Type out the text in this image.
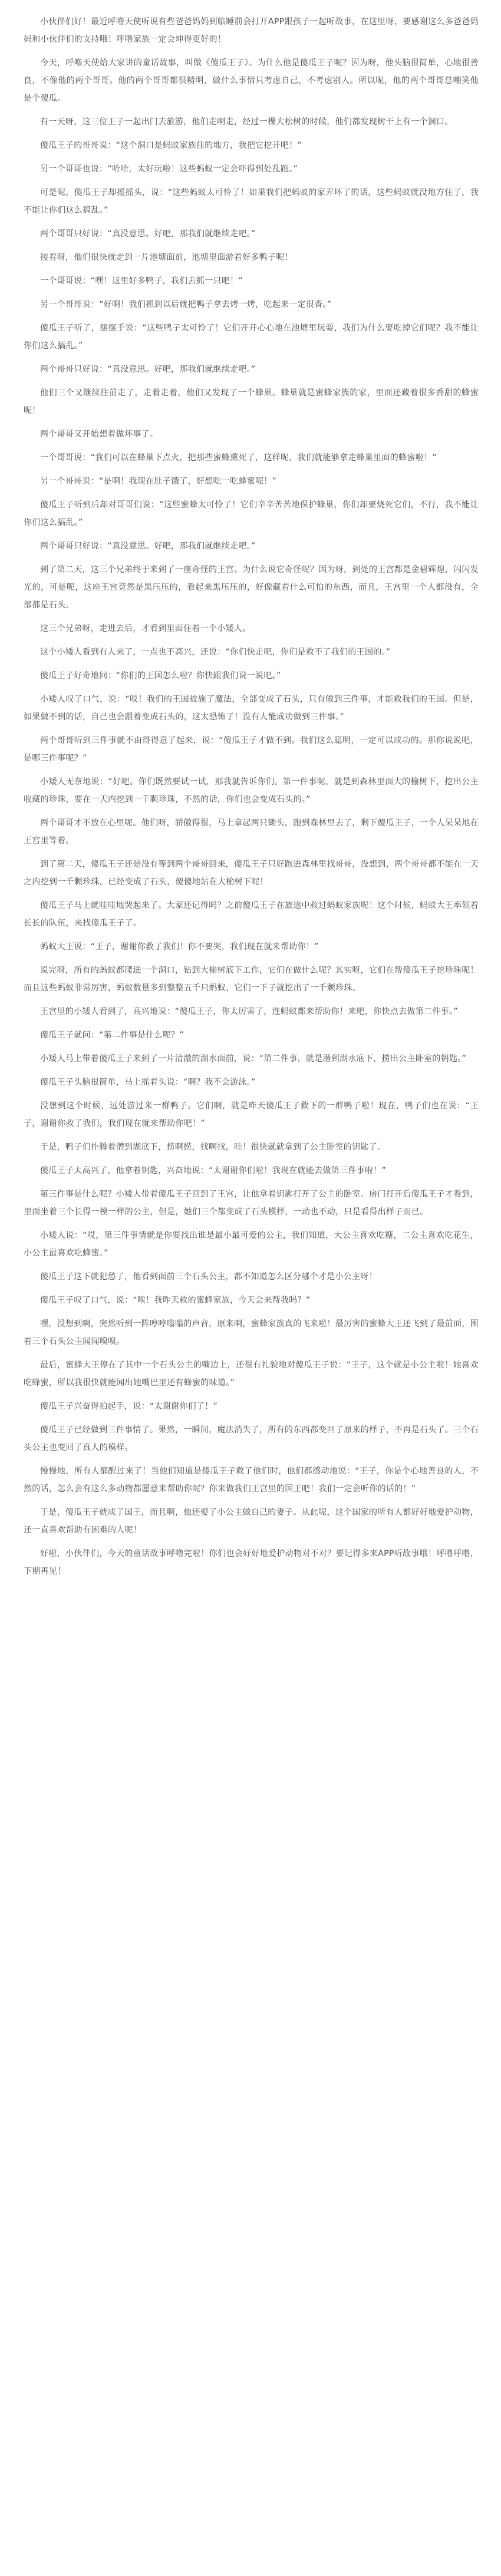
小伙伴们好！最近呼噜天使听说有些爸爸妈妈到临睡前会打开APP跟孩子一起听故事，在这里呀，要感谢这么多爸爸妈妈和小伙伴们的支持哦！呼噜家族一定会坤得更好的！

今天，呼噜天使给大家讲的童话故事，叫做《傻瓜王子》。为什么他是傻瓜王子呢？因为呀，他头脑很简单，心地很善良，不像他的两个哥哥。他的两个哥哥都很精明，做什么事情只考虑自己，不考虑别人。所以呢，他的两个哥哥总嘲笑他是个傻瓜。

有一天呀，这三位王子一起出门去旅游，他们走啊走，经过一棵大松树的时候，他们都发现树干上有一个洞口。

傻瓜王子的哥哥说：“这个洞口是蚂蚁家族住的地方，我把它挖开吧！”

另一个哥哥也说：“哈哈，太好玩啦！这些蚂蚁一定会吓得到处乱跑。”

可是呢，傻瓜王子却摇摇头，说：“这些蚂蚁太可怜了！如果我们把蚂蚁的家弄坏了的话，这些蚂蚁就没地方住了，我不能让你们这么搞乱。”

两个哥哥只好说：“真没意思。好吧，那我们就继续走吧。”

接着呀，他们很快就走到一片池塘面前，池塘里面游着好多鸭子呢！

一个哥哥说：“嘿！这里好多鸭子，我们去抓一只吧！”

另一个哥哥说：“好啊！我们抓到以后就把鸭子拿去烤一烤，吃起来一定很香。”

傻瓜王子听了，摆摆手说：“这些鸭子太可怜了！它们开开心心地在池塘里玩耍，我们为什么要吃掉它们呢？我不能让你们这么搞乱。”

两个哥哥只好说：“真没意思。好吧，那我们就继续走吧。”

他们三个又继续往前走了，走着走着，他们又发现了一个蜂巢。蜂巢就是蜜蜂家族的家，里面还藏着很多香甜的蜂蜜呢！

两个哥哥又开始想着做坏事了。

一个哥哥说：“我们可以在蜂巢下点火，把那些蜜蜂熏死了，这样呢，我们就能够拿走蜂巢里面的蜂蜜啦！”

另一个哥哥说：“是啊！我现在肚子饿了，好想吃一吃蜂蜜呢！”

傻瓜王子听到后却对哥哥们说：“这些蜜蜂太可怜了！它们辛辛苦苦地保护蜂巢，你们却要烧死它们，不行，我不能让你们这么搞乱。”

两个哥哥只好说：“真没意思。好吧，那我们就继续走吧。”

到了第二天，这三个兄弟终于来到了一座奇怪的王宫。为什么说它奇怪呢？因为呀，到处的王宫都是金碧辉煌，闪闪发光的，可是呢，这座王宫竟然是黑压压的，看起来黑压压的，好像藏着什么可怕的东西，而且，王宫里一个人都没有，全部都是石头。

这三个兄弟呀，走进去后，才看到里面住着一个小矮人。

这个小矮人看到有人来了，一点也不高兴，还说：“你们快走吧，你们是救不了我们的王国的。”

傻瓜王子好奇地问：“你们的王国怎么啦？你快跟我们说一说吧。”

小矮人叹了口气，说：“哎！我们的王国被施了魔法，全部变成了石头，只有做到三件事，才能救我们的王国。但是，如果做不到的话，自己也会跟着变成石头的，这太恐怖了！没有人能成功做到三件事。”

两个哥哥听到三件事就不由得得意了起来，说：“傻瓜王子才做不到。我们这么聪明，一定可以成功的。那你说说吧，是哪三件事呢？”

小矮人无奈地说：“好吧。你们既然要试一试，那我就告诉你们。第一件事呢，就是到森林里面大的榆树下，挖出公主收藏的珍珠，要在一天内挖到一千颗珍珠，不然的话，你们也会变成石头的。”

两个哥哥才不放在心里呢。他们呀，骄傲得很，马上拿起两只锄头，跑到森林里去了，剩下傻瓜王子，一个人呆呆地在王宫里等着。

到了第二天，傻瓜王子还是没有等到两个哥哥回来，傻瓜王子只好跑进森林里找哥哥，没想到，两个哥哥都不能在一天之内挖到一千颗珍珠，已经变成了石头，傻傻地站在大榆树下呢！

傻瓜王子马上就哇哇地哭起来了。大家还记得吗？之前傻瓜王子在旅途中救过蚂蚁家族呢！这个时候，蚂蚁大王率领着长长的队伍，来找傻瓜王子了。

蚂蚁大王说：“王子，谢谢你救了我们！你不要哭，我们现在就来帮助你！”

说完呀，所有的蚂蚁都爬进一个洞口，钻到大榆树底下工作，它们在做什么呢？其实呀，它们在帮傻瓜王子挖珍珠呢！而且这些蚂蚁非常厉害，蚂蚁数量多到整整五千只蚂蚁，它们一下子就挖出了一千颗珍珠。

王宫里的小矮人看到了，高兴地说：“傻瓜王子，你太厉害了，连蚂蚁都来帮助你！来吧，你快点去做第二件事。”

傻瓜王子就问：“第二件事是什么呢？”

小矮人马上带着傻瓜王子来到了一片清澈的湖水面前，说：“第二件事，就是潜到湖水底下，捞出公主卧室的钥匙。”

傻瓜王子头脑很简单，马上摇着头说：“啊？我不会游泳。”

没想到这个时候，远处游过来一群鸭子。它们啊，就是昨天傻瓜王子救下的一群鸭子啦！现在，鸭子们也在说：“王子，谢谢你救了我们，我们现在就来帮助你吧！”

于是，鸭子们扑腾着潜到湖底下，捞啊捞，找啊找，哇！很快就就拿到了公主卧室的钥匙了。

傻瓜王子太高兴了，他拿着钥匙，兴奋地说：“太谢谢你们啦！我现在就能去做第三件事啦！”

第三件事是什么呢？小矮人带着傻瓜王子回到了王宫，让他拿着钥匙打开了公主的卧室。房门打开后傻瓜王子才看到，里面坐着三个长得一模一样的公主，但是，她们三个都变成了石头模样，一动也不动，只是看得出样子而已。

小矮人说：“哎，第三件事情就是你要找出谁是最小最可爱的公主，我们知道，大公主喜欢吃糖，二公主喜欢吃花生，小公主最喜欢吃蜂蜜。”

傻瓜王子这下就犯愁了，他看到面前三个石头公主，都不知道怎么区分哪个才是小公主呀！

傻瓜王子叹了口气，说：“唉！我昨天救的蜜蜂家族，今天会来帮我吗？”

嘿，没想到啊，突然听到一阵哼哼嗡嗡的声音，原来啊，蜜蜂家族真的飞来啦！最厉害的蜜蜂大王还飞到了最前面，围着三个石头公主闻闻嗅嗅。

最后，蜜蜂大王停在了其中一个石头公主的嘴边上，还很有礼貌地对傻瓜王子说：“王子，这个就是小公主啦！她喜欢吃蜂蜜，所以我很快就能闻出她嘴巴里还有蜂蜜的味道。”

傻瓜王子兴奋得拍起手，说：“太谢谢你们了！”

傻瓜王子已经做到三件事情了。果然，一瞬间，魔法消失了，所有的东西都变回了原来的样子，不再是石头了。三个石头公主也变回了真人的模样。

慢慢地，所有人都醒过来了！当他们知道是傻瓜王子救了他们时，他们都感动地说：“王子，你是个心地善良的人，不然的话，怎么会有这么多动物都愿意来帮助你呢？你来做我们王宫里的国王吧！我们一定会听你的话的！”

于是，傻瓜王子就成了国王，而且啊，他还娶了小公主做自己的妻子。从此呢，这个国家的所有人都好好地爱护动物，还一直喜欢帮助有困难的人呢！

好啦，小伙伴们，今天的童话故事呼噜完啦！你们也会好好地爱护动物对不对？要记得多来APP听故事哦！呼噜呼噜，下期再见！
